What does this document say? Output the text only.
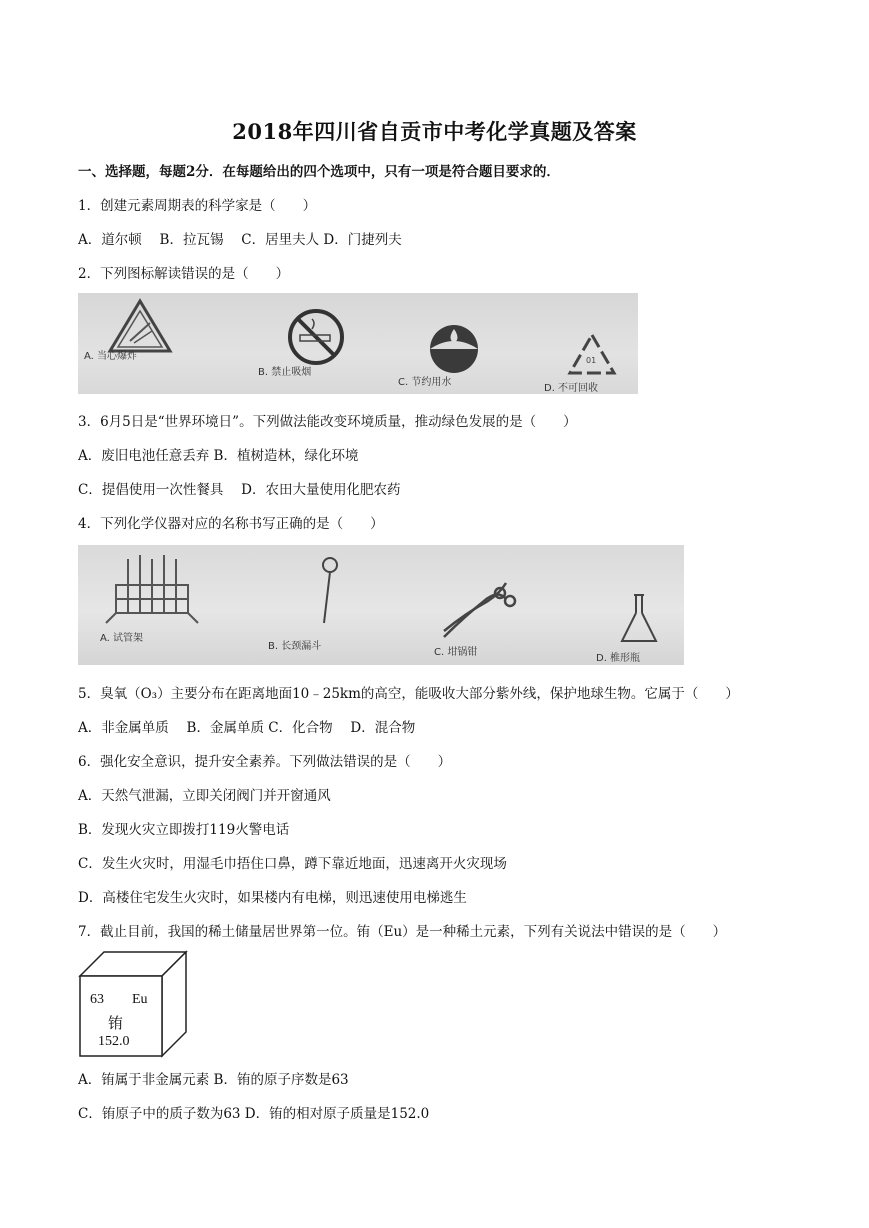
2018年四川省自贡市中考化学真题及答案
一、选择题，每题2分．在每题给出的四个选项中，只有一项是符合题目要求的．
1．创建元素周期表的科学家是（　　）
A．道尔顿　 B．拉瓦锡　 C．居里夫人 D．门捷列夫
2．下列图标解读错误的是（　　）
01
A. 当心爆炸
B. 禁止吸烟
C. 节约用水
D. 不可回收
3．6月5日是“世界环境日”。下列做法能改变环境质量，推动绿色发展的是（　　）
A．废旧电池任意丢弃 B．植树造林，绿化环境
C．提倡使用一次性餐具　 D．农田大量使用化肥农药
4．下列化学仪器对应的名称书写正确的是（　　）
A. 试管架
B. 长颈漏斗
C. 坩锅钳
D. 椎形瓶
5．臭氧（O₃）主要分布在距离地面10﹣25km的高空，能吸收大部分紫外线，保护地球生物。它属于（　　）
A．非金属单质　 B．金属单质 C．化合物　 D．混合物
6．强化安全意识，提升安全素养。下列做法错误的是（　　）
A．天然气泄漏，立即关闭阀门并开窗通风
B．发现火灾立即拨打119火警电话
C．发生火灾时，用湿毛巾捂住口鼻，蹲下靠近地面，迅速离开火灾现场
D．高楼住宅发生火灾时，如果楼内有电梯，则迅速使用电梯逃生
7．截止目前，我国的稀土储量居世界第一位。铕（Eu）是一种稀土元素，下列有关说法中错误的是（　　）
63 Eu
铕
152.0
A．铕属于非金属元素 B．铕的原子序数是63
C．铕原子中的质子数为63 D．铕的相对原子质量是152.0
